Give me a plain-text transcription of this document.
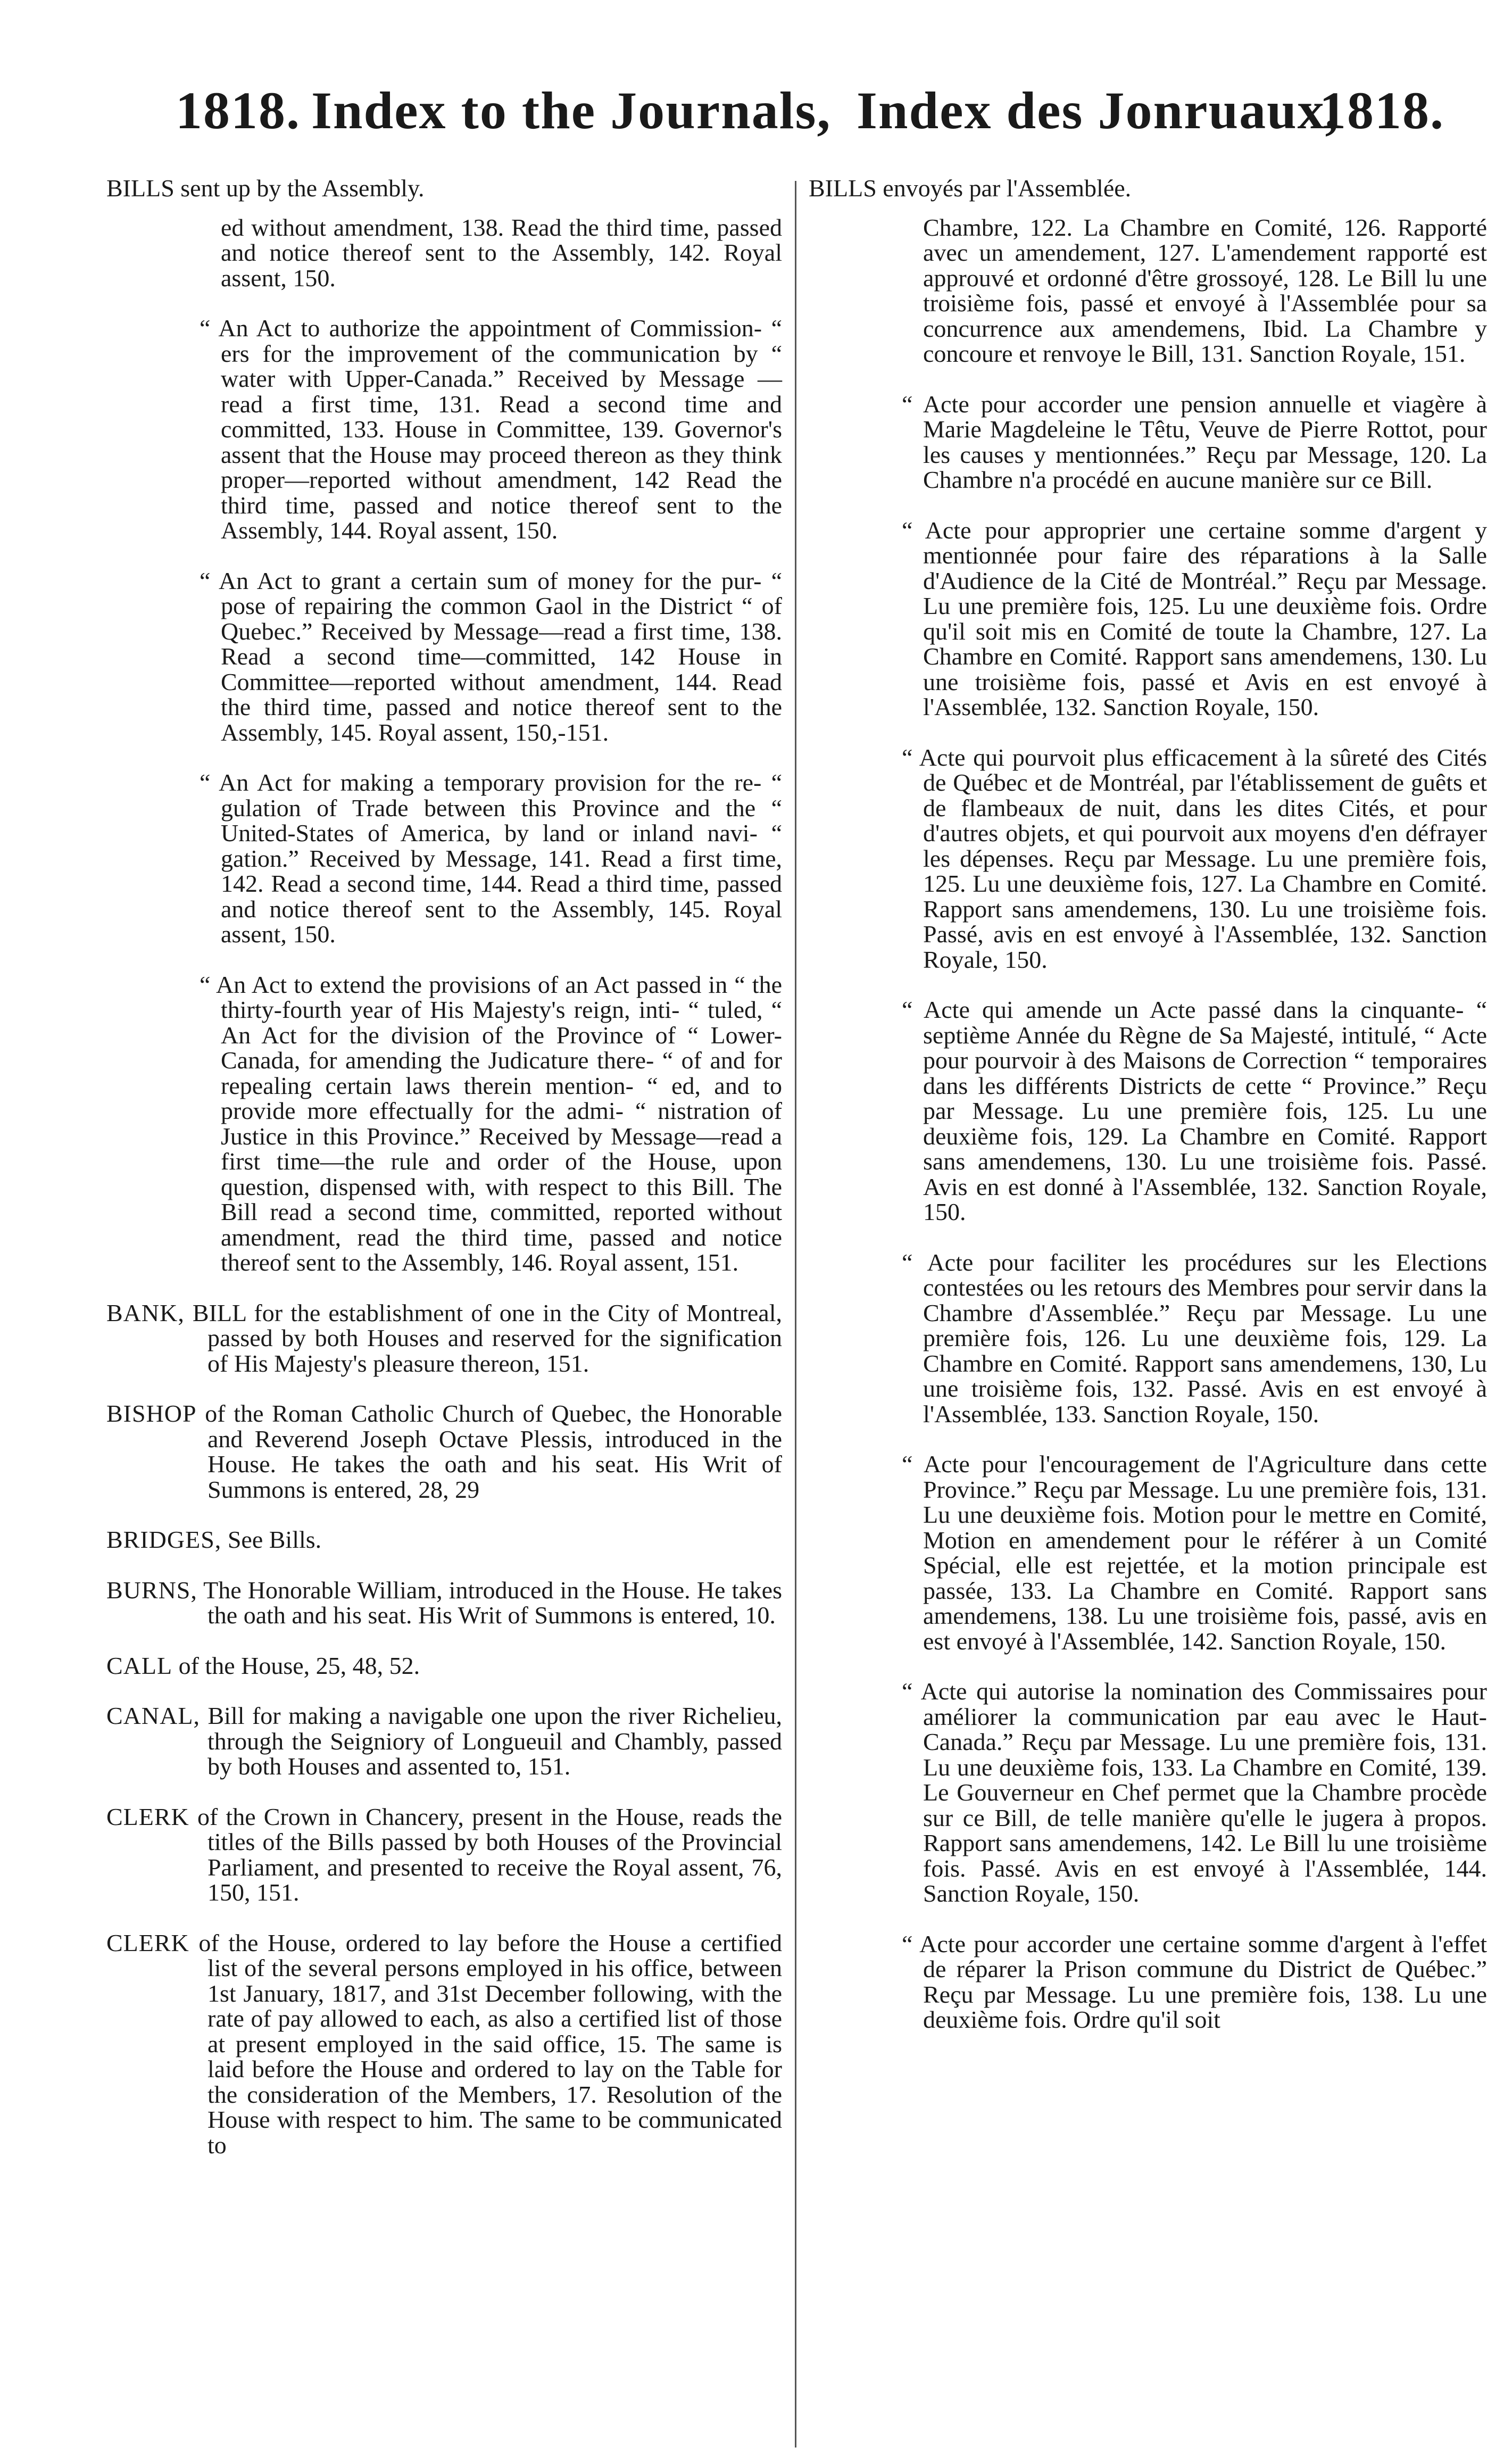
1818. Index to the Journals, Index des Jonruaux,
1818.

BILLS sent up by the Assembly.

ed without amendment, 138. Read the third time, passed and notice thereof sent to the Assembly, 142. Royal assent, 150.

“ An Act to authorize the appointment of Commission- “ ers for the improvement of the communication by “ water with Upper-Canada.” Received by Message —read a first time, 131. Read a second time and committed, 133. House in Committee, 139. Governor's assent that the House may proceed thereon as they think proper—reported without amendment, 142 Read the third time, passed and notice thereof sent to the Assembly, 144. Royal assent, 150.

“ An Act to grant a certain sum of money for the pur- “ pose of repairing the common Gaol in the District “ of Quebec.” Received by Message—read a first time, 138. Read a second time—committed, 142 House in Committee—reported without amendment, 144. Read the third time, passed and notice thereof sent to the Assembly, 145. Royal assent, 150,-151.

“ An Act for making a temporary provision for the re- “ gulation of Trade between this Province and the “ United-States of America, by land or inland navi- “ gation.” Received by Message, 141. Read a first time, 142. Read a second time, 144. Read a third time, passed and notice thereof sent to the Assembly, 145. Royal assent, 150.

“ An Act to extend the provisions of an Act passed in “ the thirty-fourth year of His Majesty's reign, inti- “ tuled, “ An Act for the division of the Province of “ Lower-Canada, for amending the Judicature there- “ of and for repealing certain laws therein mention- “ ed, and to provide more effectually for the admi- “ nistration of Justice in this Province.” Received by Message—read a first time—the rule and order of the House, upon question, dispensed with, with respect to this Bill. The Bill read a second time, committed, reported without amendment, read the third time, passed and notice thereof sent to the Assembly, 146. Royal assent, 151.

BANK, BILL for the establishment of one in the City of Montreal, passed by both Houses and reserved for the signification of His Majesty's pleasure thereon, 151.

BISHOP of the Roman Catholic Church of Quebec, the Honorable and Reverend Joseph Octave Plessis, introduced in the House. He takes the oath and his seat. His Writ of Summons is entered, 28, 29

BRIDGES, See Bills.

BURNS, The Honorable William, introduced in the House. He takes the oath and his seat. His Writ of Summons is entered, 10.

CALL of the House, 25, 48, 52.

CANAL, Bill for making a navigable one upon the river Richelieu, through the Seigniory of Longueuil and Chambly, passed by both Houses and assented to, 151.

CLERK of the Crown in Chancery, present in the House, reads the titles of the Bills passed by both Houses of the Provincial Parliament, and presented to receive the Royal assent, 76, 150, 151.

CLERK of the House, ordered to lay before the House a certified list of the several persons employed in his office, between 1st January, 1817, and 31st December following, with the rate of pay allowed to each, as also a certified list of those at present employed in the said office, 15. The same is laid before the House and ordered to lay on the Table for the consideration of the Members, 17. Resolution of the House with respect to him. The same to be communicated to

BILLS envoyés par l'Assemblée.

Chambre, 122. La Chambre en Comité, 126. Rapporté avec un amendement, 127. L'amendement rapporté est approuvé et ordonné d'être grossoyé, 128. Le Bill lu une troisième fois, passé et envoyé à l'Assemblée pour sa concurrence aux amendemens, Ibid. La Chambre y concoure et renvoye le Bill, 131. Sanction Royale, 151.

“ Acte pour accorder une pension annuelle et viagère à Marie Magdeleine le Têtu, Veuve de Pierre Rottot, pour les causes y mentionnées.” Reçu par Message, 120. La Chambre n'a procédé en aucune manière sur ce Bill.

“ Acte pour approprier une certaine somme d'argent y mentionnée pour faire des réparations à la Salle d'Audience de la Cité de Montréal.” Reçu par Message. Lu une première fois, 125. Lu une deuxième fois. Ordre qu'il soit mis en Comité de toute la Chambre, 127. La Chambre en Comité. Rapport sans amendemens, 130. Lu une troisième fois, passé et Avis en est envoyé à l'Assemblée, 132. Sanction Royale, 150.

“ Acte qui pourvoit plus efficacement à la sûreté des Cités de Québec et de Montréal, par l'établissement de guêts et de flambeaux de nuit, dans les dites Cités, et pour d'autres objets, et qui pourvoit aux moyens d'en défrayer les dépenses. Reçu par Message. Lu une première fois, 125. Lu une deuxième fois, 127. La Chambre en Comité. Rapport sans amendemens, 130. Lu une troisième fois. Passé, avis en est envoyé à l'Assemblée, 132. Sanction Royale, 150.

“ Acte qui amende un Acte passé dans la cinquante- “ septième Année du Règne de Sa Majesté, intitulé, “ Acte pour pourvoir à des Maisons de Correction “ temporaires dans les différents Districts de cette “ Province.” Reçu par Message. Lu une première fois, 125. Lu une deuxième fois, 129. La Chambre en Comité. Rapport sans amendemens, 130. Lu une troisième fois. Passé. Avis en est donné à l'Assemblée, 132. Sanction Royale, 150.

“ Acte pour faciliter les procédures sur les Elections contestées ou les retours des Membres pour servir dans la Chambre d'Assemblée.” Reçu par Message. Lu une première fois, 126. Lu une deuxième fois, 129. La Chambre en Comité. Rapport sans amendemens, 130, Lu une troisième fois, 132. Passé. Avis en est envoyé à l'Assemblée, 133. Sanction Royale, 150.

“ Acte pour l'encouragement de l'Agriculture dans cette Province.” Reçu par Message. Lu une première fois, 131. Lu une deuxième fois. Motion pour le mettre en Comité, Motion en amendement pour le référer à un Comité Spécial, elle est rejettée, et la motion principale est passée, 133. La Chambre en Comité. Rapport sans amendemens, 138. Lu une troisième fois, passé, avis en est envoyé à l'Assemblée, 142. Sanction Royale, 150.

“ Acte qui autorise la nomination des Commissaires pour améliorer la communication par eau avec le Haut-Canada.” Reçu par Message. Lu une première fois, 131. Lu une deuxième fois, 133. La Chambre en Comité, 139. Le Gouverneur en Chef permet que la Chambre procède sur ce Bill, de telle manière qu'elle le jugera à propos. Rapport sans amendemens, 142. Le Bill lu une troisième fois. Passé. Avis en est envoyé à l'Assemblée, 144. Sanction Royale, 150.

“ Acte pour accorder une certaine somme d'argent à l'effet de réparer la Prison commune du District de Québec.” Reçu par Message. Lu une première fois, 138. Lu une deuxième fois. Ordre qu'il soit
